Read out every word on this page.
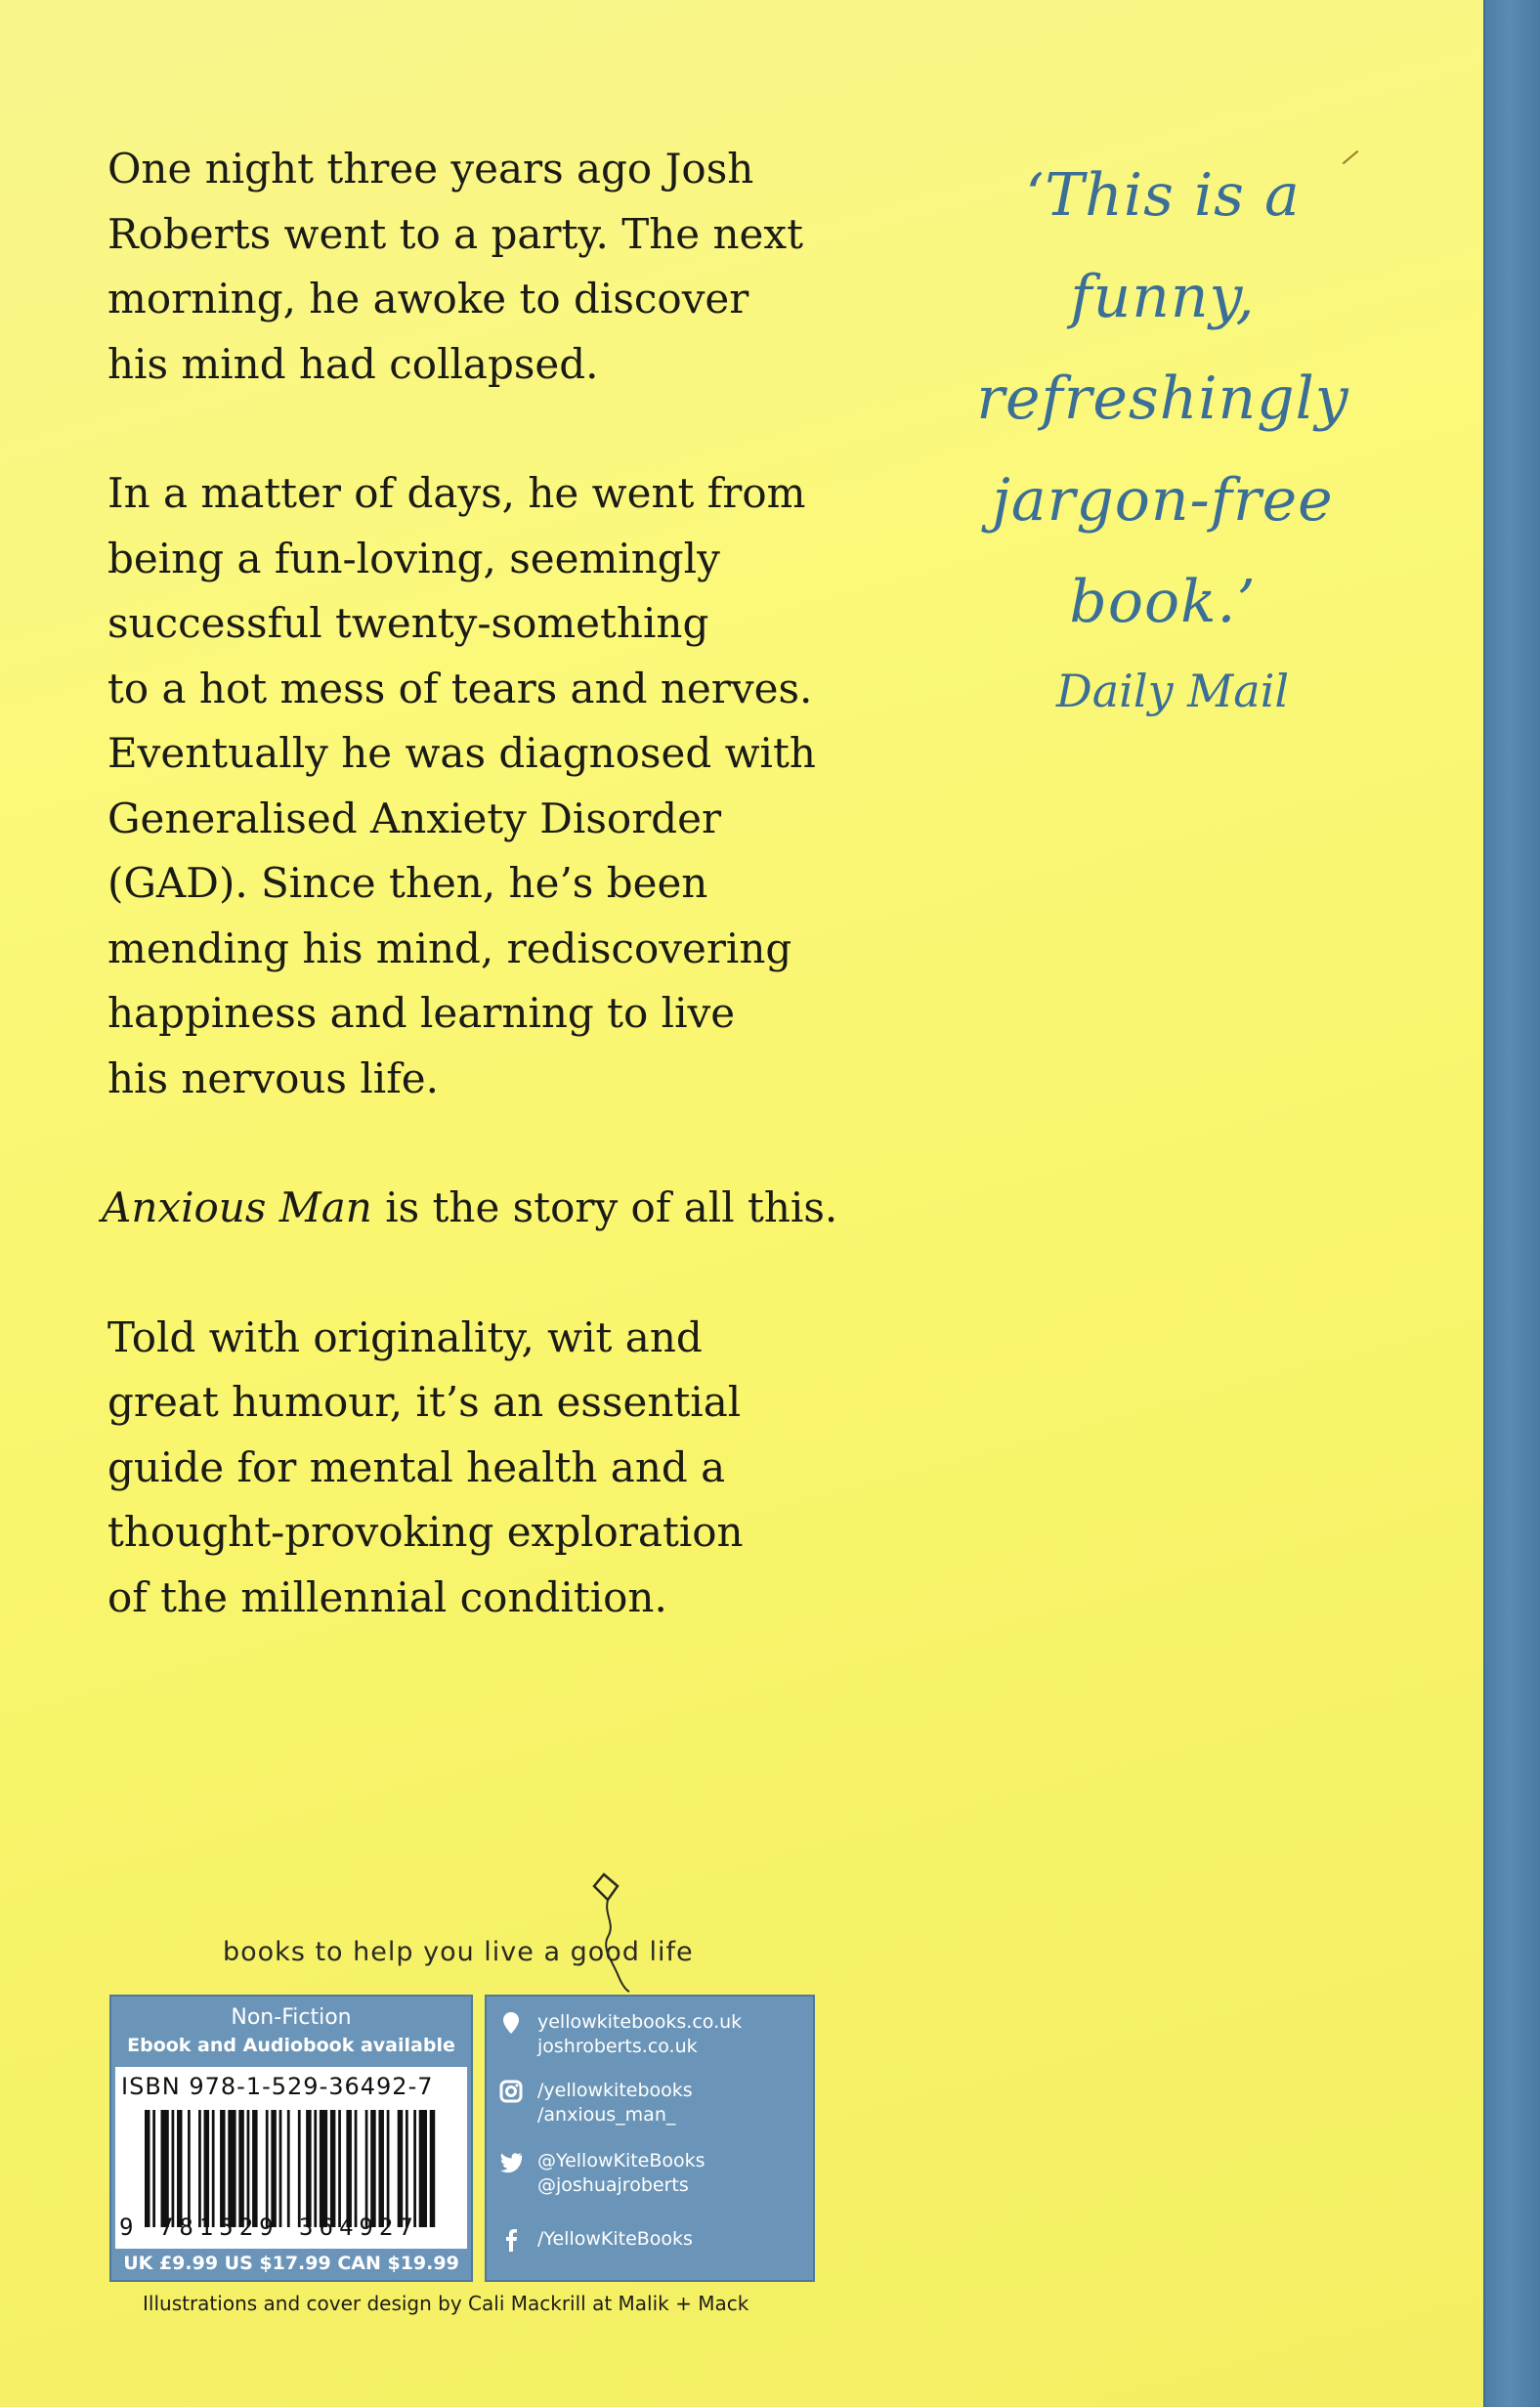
One night three years ago Josh
Roberts went to a party. The next
morning, he awoke to discover
his mind had collapsed.

In a matter of days, he went from
being a fun-loving, seemingly
successful twenty-something
to a hot mess of tears and nerves.
Eventually he was diagnosed with
Generalised Anxiety Disorder
(GAD). Since then, he’s been
mending his mind, rediscovering
happiness and learning to live
his nervous life.

Anxious Man is the story of all this.

Told with originality, wit and
great humour, it’s an essential
guide for mental health and a
thought-provoking exploration
of the millennial condition.

‘This is a
funny,
refreshingly
jargon-free
book.’
Daily Mail
books to help you live a good life
Non-Fiction
Ebook and Audiobook available
ISBN 978-1-529-36492-7
9 781529 364927
UK £9.99 US $17.99 CAN $19.99
yellowkitebooks.co.uk
joshroberts.co.uk
/yellowkitebooks
/anxious_man_
@YellowKiteBooks
@joshuajroberts
/YellowKiteBooks
Illustrations and cover design by Cali Mackrill at Malik + Mack
